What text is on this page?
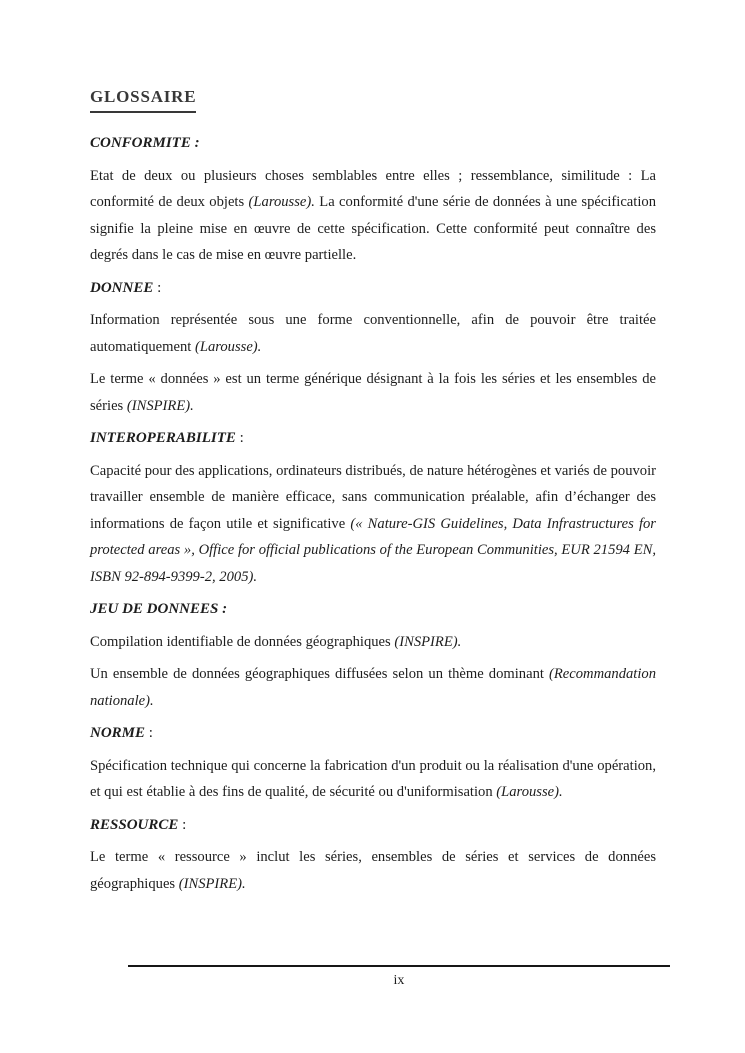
GLOSSAIRE

CONFORMITE :

Etat de deux ou plusieurs choses semblables entre elles ; ressemblance, similitude : La conformité de deux objets (Larousse). La conformité d'une série de données à une spécification signifie la pleine mise en œuvre de cette spécification. Cette conformité peut connaître des degrés dans le cas de mise en œuvre partielle.

DONNEE :

Information représentée sous une forme conventionnelle, afin de pouvoir être traitée automatiquement (Larousse).

Le terme « données » est un terme générique désignant à la fois les séries et les ensembles de séries (INSPIRE).

INTEROPERABILITE :

Capacité pour des applications, ordinateurs distribués, de nature hétérogènes et variés de pouvoir travailler ensemble de manière efficace, sans communication préalable, afin d’échanger des informations de façon utile et significative (« Nature-GIS Guidelines, Data Infrastructures for protected areas », Office for official publications of the European Communities, EUR 21594 EN, ISBN 92-894-9399-2, 2005).

JEU DE DONNEES :

Compilation identifiable de données géographiques (INSPIRE).

Un ensemble de données géographiques diffusées selon un thème dominant (Recommandation nationale).

NORME :

Spécification technique qui concerne la fabrication d'un produit ou la réalisation d'une opération, et qui est établie à des fins de qualité, de sécurité ou d'uniformisation (Larousse).

RESSOURCE :

Le terme « ressource » inclut les séries, ensembles de séries et services de données géographiques (INSPIRE).

ix
